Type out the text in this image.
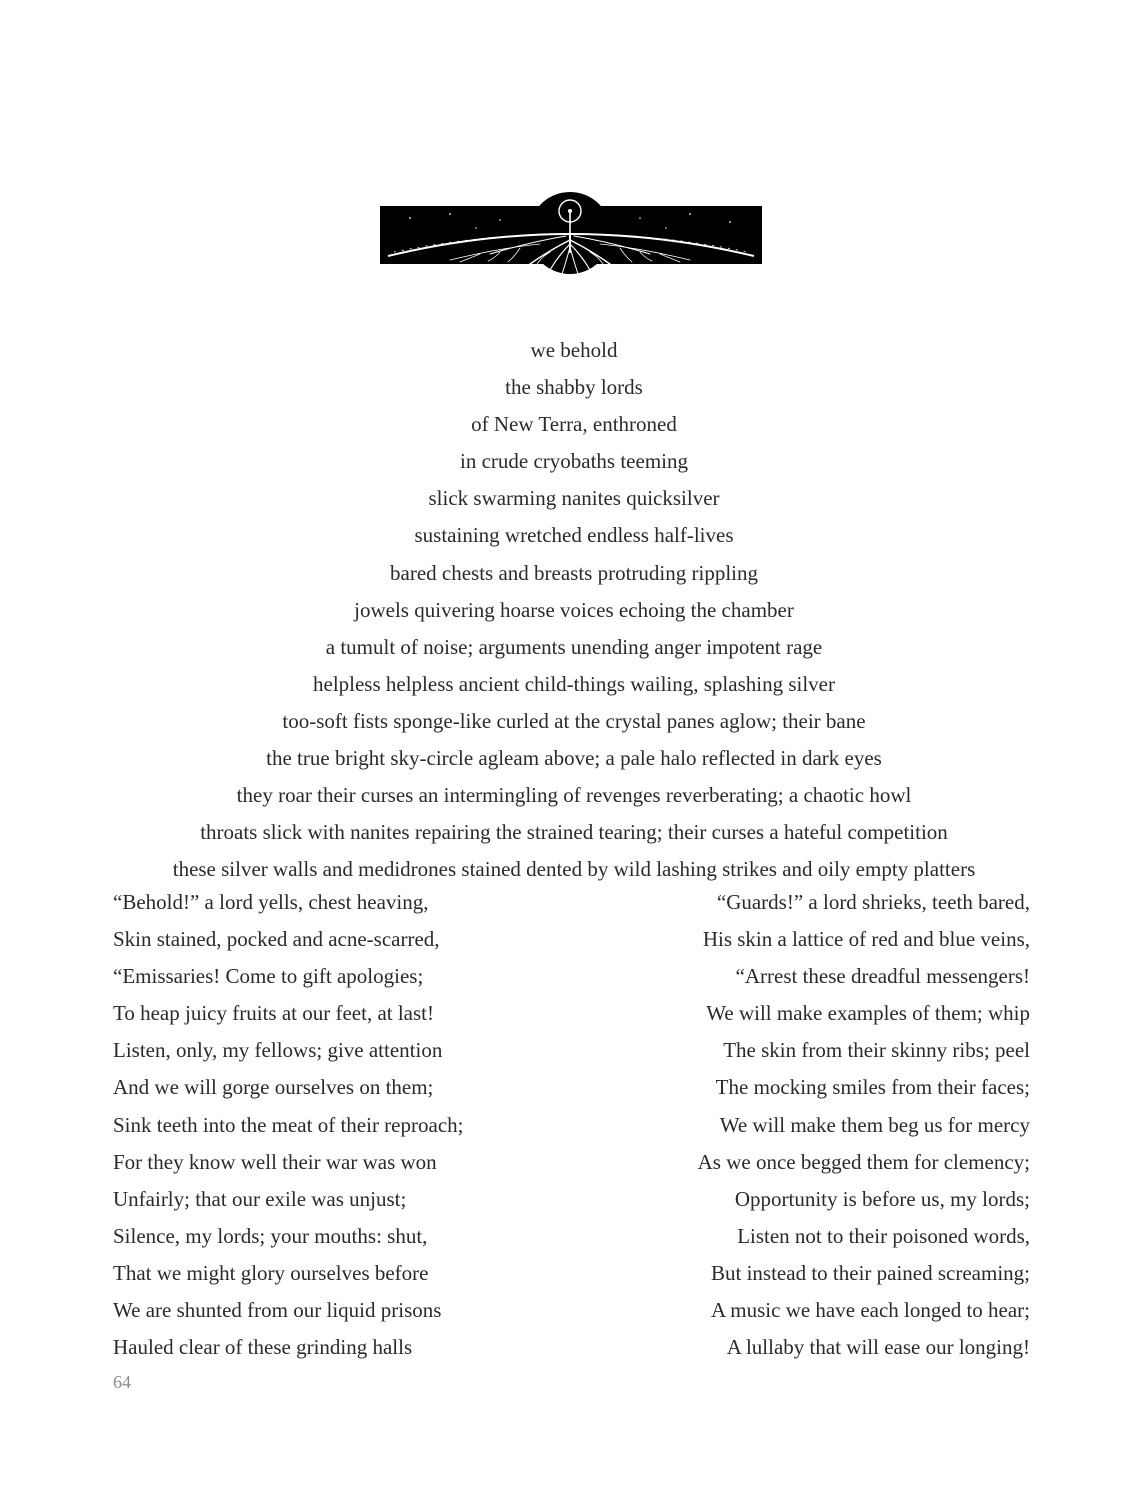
we behold
the shabby lords
of New Terra, enthroned
in crude cryobaths teeming
slick swarming nanites quicksilver
sustaining wretched endless half-lives
bared chests and breasts protruding rippling
jowels quivering hoarse voices echoing the chamber
a tumult of noise; arguments unending anger impotent rage
helpless helpless ancient child-things wailing, splashing silver
too-soft fists sponge-like curled at the crystal panes aglow; their bane
the true bright sky-circle agleam above; a pale halo reflected in dark eyes
they roar their curses an intermingling of revenges reverberating; a chaotic howl
throats slick with nanites repairing the strained tearing; their curses a hateful competition
these silver walls and medidrones stained dented by wild lashing strikes and oily empty platters
“Behold!” a lord yells, chest heaving,
Skin stained, pocked and acne-scarred,
“Emissaries! Come to gift apologies;
To heap juicy fruits at our feet, at last!
Listen, only, my fellows; give attention
And we will gorge ourselves on them;
Sink teeth into the meat of their reproach;
For they know well their war was won
Unfairly; that our exile was unjust;
Silence, my lords; your mouths: shut,
That we might glory ourselves before
We are shunted from our liquid prisons
Hauled clear of these grinding halls
“Guards!” a lord shrieks, teeth bared,
His skin a lattice of red and blue veins,
“Arrest these dreadful messengers!
We will make examples of them; whip
The skin from their skinny ribs; peel
The mocking smiles from their faces;
We will make them beg us for mercy
As we once begged them for clemency;
Opportunity is before us, my lords;
Listen not to their poisoned words,
But instead to their pained screaming;
A music we have each longed to hear;
A lullaby that will ease our longing!
64
